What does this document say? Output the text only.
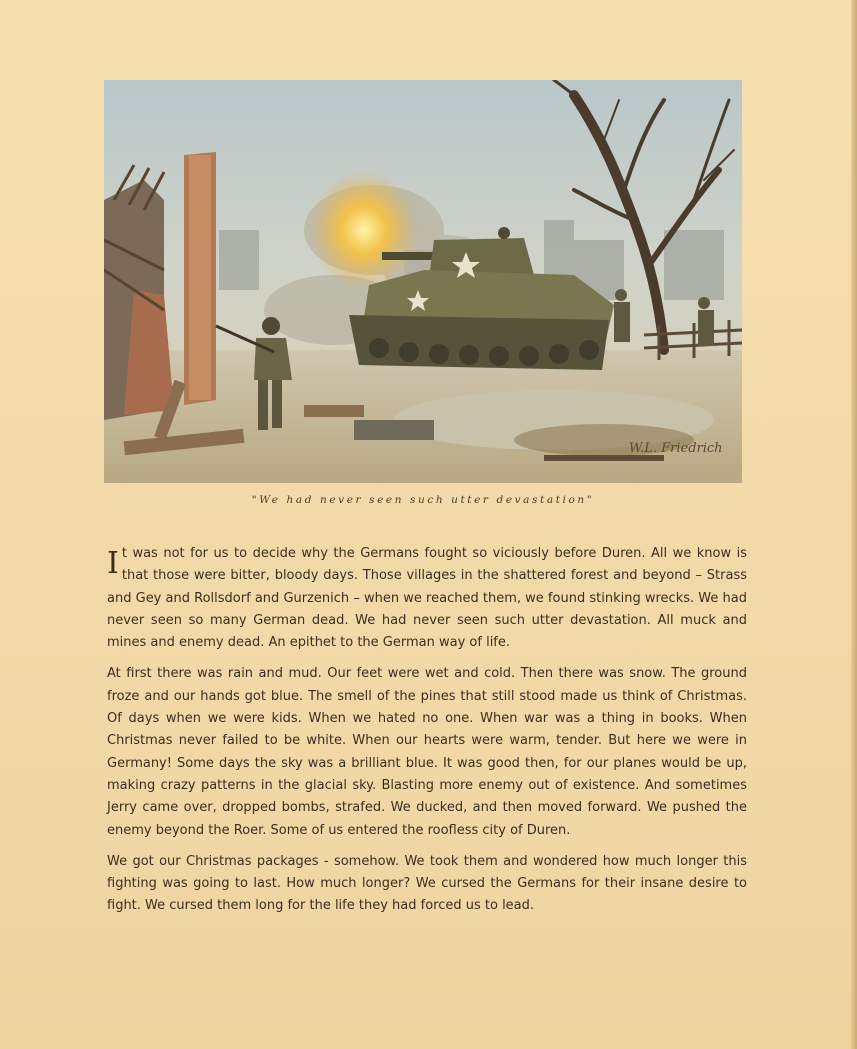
W.L. Friedrich
"We had never seen such utter devastation"

It was not for us to decide why the Germans fought so viciously before Duren. All we know is that those were bitter, bloody days. Those villages in the shattered forest and beyond – Strass and Gey and Rollsdorf and Gurzenich – when we reached them, we found stinking wrecks. We had never seen so many German dead. We had never seen such utter devastation. All muck and mines and enemy dead. An epithet to the German way of life.

At first there was rain and mud. Our feet were wet and cold. Then there was snow. The ground froze and our hands got blue. The smell of the pines that still stood made us think of Christmas. Of days when we were kids. When we hated no one. When war was a thing in books. When Christmas never failed to be white. When our hearts were warm, tender. But here we were in Germany! Some days the sky was a brilliant blue. It was good then, for our planes would be up, making crazy patterns in the glacial sky. Blasting more enemy out of existence. And sometimes Jerry came over, dropped bombs, strafed. We ducked, and then moved forward. We pushed the enemy beyond the Roer. Some of us entered the roofless city of Duren.

We got our Christmas packages - somehow. We took them and wondered how much longer this fighting was going to last. How much longer? We cursed the Germans for their insane desire to fight. We cursed them long for the life they had forced us to lead.
